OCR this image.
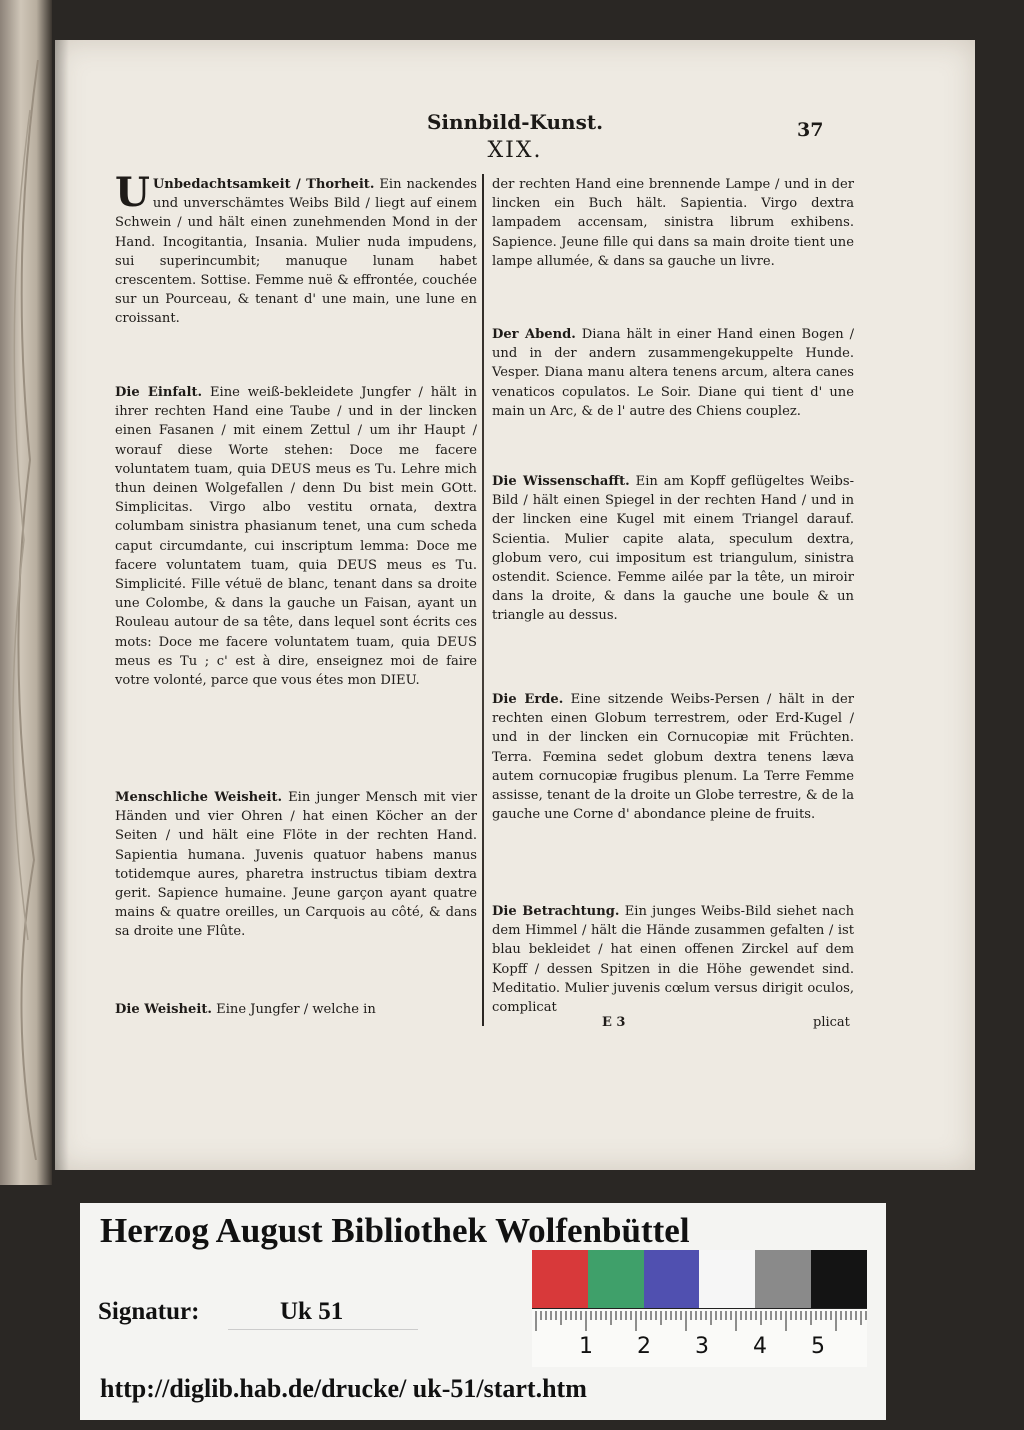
Sinnbild-Kunst.	37
XIX.

U Unbedachtsamkeit / Thorheit. Ein nackendes und unverschämtes Weibs Bild / liegt auf einem Schwein / und hält einen zunehmenden Mond in der Hand. Incogitantia, Insania. Mulier nuda impudens, sui superincumbit; manuque lunam habet crescentem. Sottise. Femme nuë & effrontée, couchée sur un Pourceau, & tenant d' une main, une lune en croissant.

Die Einfalt. Eine weiß-bekleidete Jungfer / hält in ihrer rechten Hand eine Taube / und in der lincken einen Fasanen / mit einem Zettul / um ihr Haupt / worauf diese Worte stehen: Doce me facere voluntatem tuam, quia DEUS meus es Tu. Lehre mich thun deinen Wolgefallen / denn Du bist mein GOtt. Simplicitas. Virgo albo vestitu ornata, dextra columbam sinistra phasianum tenet, una cum scheda caput circumdante, cui inscriptum lemma: Doce me facere voluntatem tuam, quia DEUS meus es Tu. Simplicité. Fille vétuë de blanc, tenant dans sa droite une Colombe, & dans la gauche un Faisan, ayant un Rouleau autour de sa tête, dans lequel sont écrits ces mots: Doce me facere voluntatem tuam, quia DEUS meus es Tu ; c' est à dire, enseignez moi de faire votre volonté, parce que vous étes mon DIEU.

Menschliche Weisheit. Ein junger Mensch mit vier Händen und vier Ohren / hat einen Köcher an der Seiten / und hält eine Flöte in der rechten Hand. Sapientia humana. Juvenis quatuor habens manus totidemque aures, pharetra instructus tibiam dextra gerit. Sapience humaine. Jeune garçon ayant quatre mains & quatre oreilles, un Carquois au côté, & dans sa droite une Flûte.

Die Weisheit. Eine Jungfer / welche in

der rechten Hand eine brennende Lampe / und in der lincken ein Buch hält. Sapientia. Virgo dextra lampadem accensam, sinistra librum exhibens. Sapience. Jeune fille qui dans sa main droite tient une lampe allumée, & dans sa gauche un livre.

Der Abend. Diana hält in einer Hand einen Bogen / und in der andern zusammengekuppelte Hunde. Vesper. Diana manu altera tenens arcum, altera canes venaticos copulatos. Le Soir. Diane qui tient d' une main un Arc, & de l' autre des Chiens couplez.

Die Wissenschafft. Ein am Kopff geflügeltes Weibs-Bild / hält einen Spiegel in der rechten Hand / und in der lincken eine Kugel mit einem Triangel darauf. Scientia. Mulier capite alata, speculum dextra, globum vero, cui impositum est triangulum, sinistra ostendit. Science. Femme ailée par la tête, un miroir dans la droite, & dans la gauche une boule & un triangle au dessus.

Die Erde. Eine sitzende Weibs-Persen / hält in der rechten einen Globum terrestrem, oder Erd-Kugel / und in der lincken ein Cornucopiæ mit Früchten. Terra. Fœmina sedet globum dextra tenens læva autem cornucopiæ frugibus plenum. La Terre Femme assisse, tenant de la droite un Globe terrestre, & de la gauche une Corne d' abondance pleine de fruits.

Die Betrachtung. Ein junges Weibs-Bild siehet nach dem Himmel / hält die Hände zusammen gefalten / ist blau bekleidet / hat einen offenen Zirckel auf dem Kopff / dessen Spitzen in die Höhe gewendet sind. Meditatio. Mulier juvenis cœlum versus dirigit oculos, complicat

E 3	plicat
Herzog August Bibliothek Wolfenbüttel
Signatur:	Uk 51
1 2 3 4 5
http://diglib.hab.de/drucke/ uk-51/start.htm
